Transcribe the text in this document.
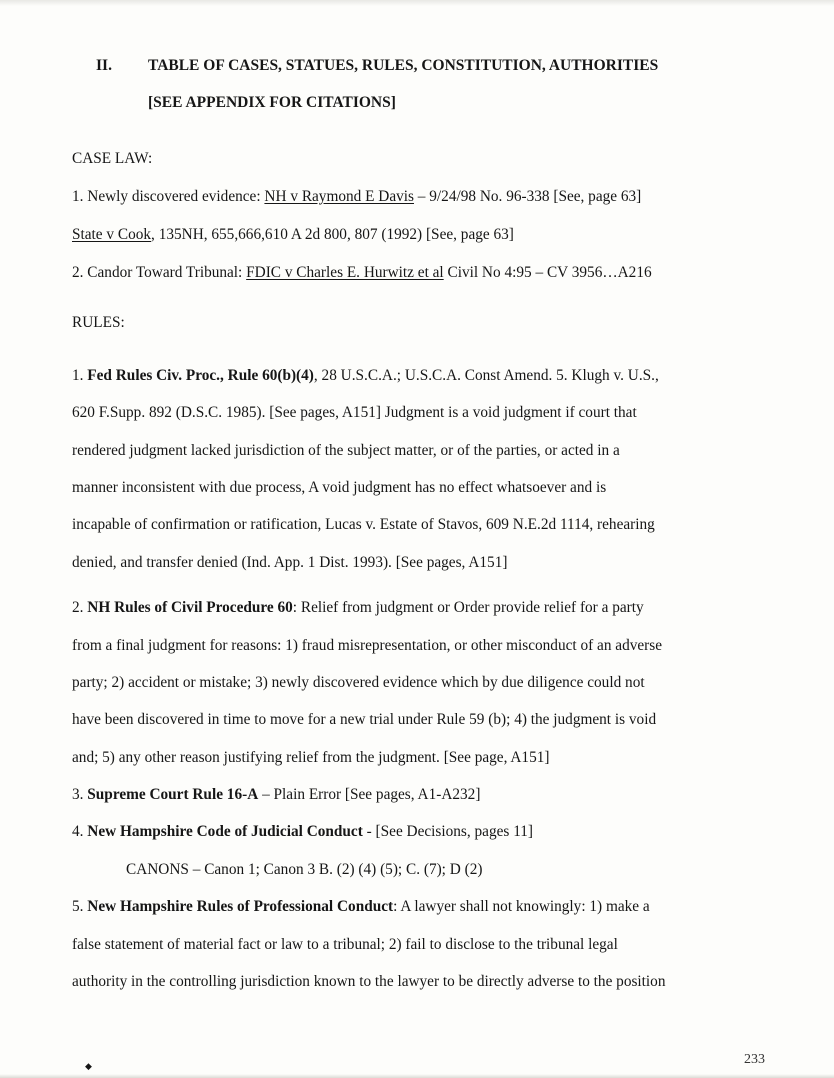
II. TABLE OF CASES, STATUES, RULES, CONSTITUTION, AUTHORITIES
[SEE APPENDIX FOR CITATIONS]
CASE LAW:
1. Newly discovered evidence: NH v Raymond E Davis – 9/24/98 No. 96-338 [See, page 63]
State v Cook, 135NH, 655,666,610 A 2d 800, 807 (1992) [See, page 63]
2. Candor Toward Tribunal: FDIC v Charles E. Hurwitz et al Civil No 4:95 – CV 3956…A216
RULES:
1. Fed Rules Civ. Proc., Rule 60(b)(4), 28 U.S.C.A.; U.S.C.A. Const Amend. 5. Klugh v. U.S.,
620 F.Supp. 892 (D.S.C. 1985). [See pages, A151] Judgment is a void judgment if court that
rendered judgment lacked jurisdiction of the subject matter, or of the parties, or acted in a
manner inconsistent with due process, A void judgment has no effect whatsoever and is
incapable of confirmation or ratification, Lucas v. Estate of Stavos, 609 N.E.2d 1114, rehearing
denied, and transfer denied (Ind. App. 1 Dist. 1993). [See pages, A151]
2. NH Rules of Civil Procedure 60: Relief from judgment or Order provide relief for a party
from a final judgment for reasons: 1) fraud misrepresentation, or other misconduct of an adverse
party; 2) accident or mistake; 3) newly discovered evidence which by due diligence could not
have been discovered in time to move for a new trial under Rule 59 (b); 4) the judgment is void
and; 5) any other reason justifying relief from the judgment. [See page, A151]
3. Supreme Court Rule 16-A – Plain Error [See pages, A1-A232]
4. New Hampshire Code of Judicial Conduct - [See Decisions, pages 11]
CANONS – Canon 1; Canon 3 B. (2) (4) (5); C. (7); D (2)
5. New Hampshire Rules of Professional Conduct: A lawyer shall not knowingly: 1) make a
false statement of material fact or law to a tribunal; 2) fail to disclose to the tribunal legal
authority in the controlling jurisdiction known to the lawyer to be directly adverse to the position
◆	233
